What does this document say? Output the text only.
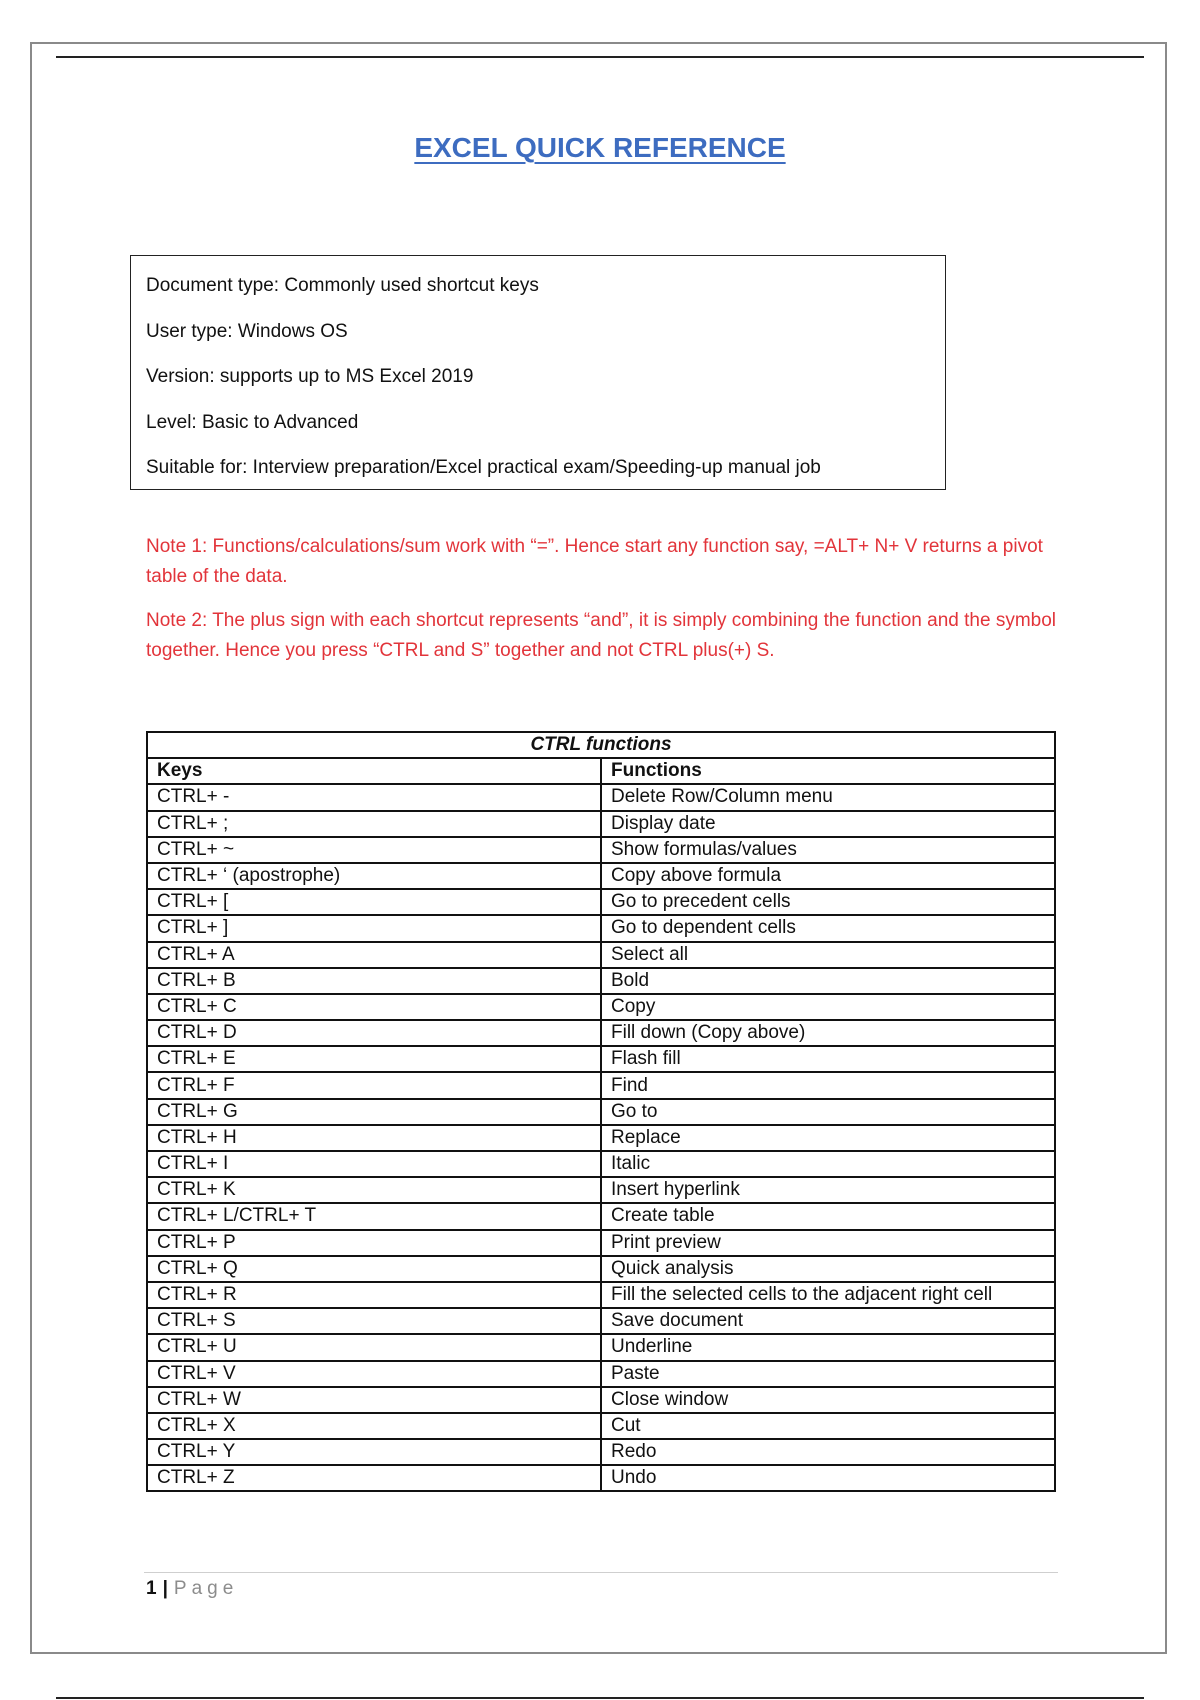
EXCEL QUICK REFERENCE
Document type: Commonly used shortcut keys
User type: Windows OS
Version: supports up to MS Excel 2019
Level: Basic to Advanced
Suitable for: Interview preparation/Excel practical exam/Speeding-up manual job

Note 1: Functions/calculations/sum work with “=”. Hence start any function say, =ALT+ N+ V returns a pivot table of the data.

Note 2: The plus sign with each shortcut represents “and”, it is simply combining the function and the symbol together. Hence you press “CTRL and S” together and not CTRL plus(+) S.

CTRL functions	
Keys	Functions
CTRL+ -	Delete Row/Column menu
CTRL+ ;	Display date
CTRL+ ~	Show formulas/values
CTRL+ ‘ (apostrophe)	Copy above formula
CTRL+ [	Go to precedent cells
CTRL+ ]	Go to dependent cells
CTRL+ A	Select all
CTRL+ B	Bold
CTRL+ C	Copy
CTRL+ D	Fill down (Copy above)
CTRL+ E	Flash fill
CTRL+ F	Find
CTRL+ G	Go to
CTRL+ H	Replace
CTRL+ I	Italic
CTRL+ K	Insert hyperlink
CTRL+ L/CTRL+ T	Create table
CTRL+ P	Print preview
CTRL+ Q	Quick analysis
CTRL+ R	Fill the selected cells to the adjacent right cell
CTRL+ S	Save document
CTRL+ U	Underline
CTRL+ V	Paste
CTRL+ W	Close window
CTRL+ X	Cut
CTRL+ Y	Redo
CTRL+ Z	Undo
1 | Page
